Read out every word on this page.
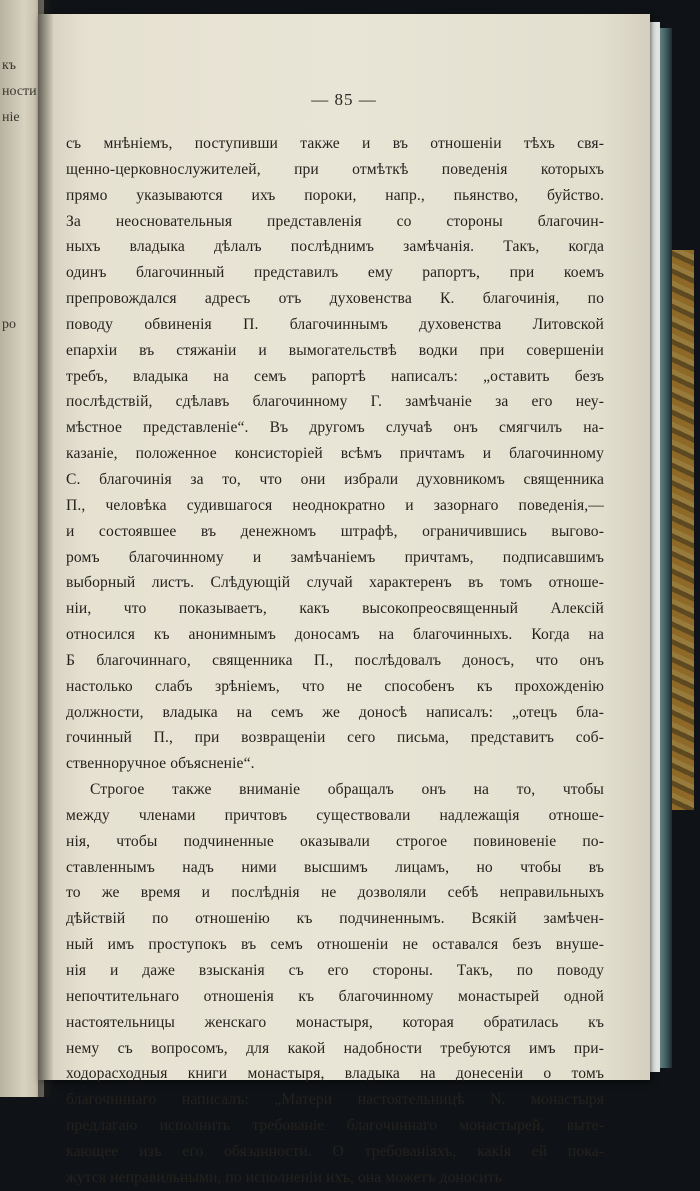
къ
ности
ніе
ро
— 85 —
съ мнѣніемъ, поступивши также и въ отношеніи тѣхъ свя-
щенно-церковнослужителей, при отмѣткѣ поведенія которыхъ
прямо указываются ихъ пороки, напр., пьянство, буйство.
За неосновательныя представленія со стороны благочин-
ныхъ владыка дѣлалъ послѣднимъ замѣчанія. Такъ, когда
одинъ благочинный представилъ ему рапортъ, при коемъ
препровождался адресъ отъ духовенства К. благочинія, по
поводу обвиненія П. благочиннымъ духовенства Литовской
епархіи въ стяжаніи и вымогательствѣ водки при совершеніи
требъ, владыка на семъ рапортѣ написалъ: „оставить безъ
послѣдствій, сдѣлавъ благочинному Г. замѣчаніе за его неу-
мѣстное представленіе“. Въ другомъ случаѣ онъ смягчилъ на-
казаніе, положенное консисторіей всѣмъ причтамъ и благочинному
С. благочинія за то, что они избрали духовникомъ священника
П., человѣка судившагося неоднократно и зазорнаго поведенія,—
и состоявшее въ денежномъ штрафѣ, ограничившись выгово-
ромъ благочинному и замѣчаніемъ причтамъ, подписавшимъ
выборный листъ. Слѣдующій случай характеренъ въ томъ отноше-
ніи, что показываетъ, какъ высокопреосвященный Алексій
относился къ анонимнымъ доносамъ на благочинныхъ. Когда на
Б благочиннаго, священника П., послѣдовалъ доносъ, что онъ
настолько слабъ зрѣніемъ, что не способенъ къ прохожденію
должности, владыка на семъ же доносѣ написалъ: „отецъ бла-
гочинный П., при возвращеніи сего письма, представитъ соб-
ственноручное объясненіе“.
Строгое также вниманіе обращалъ онъ на то, чтобы
между членами причтовъ существовали надлежащія отноше-
нія, чтобы подчиненные оказывали строгое повиновеніе по-
ставленнымъ надъ ними высшимъ лицамъ, но чтобы въ
то же время и послѣднія не дозволяли себѣ неправильныхъ
дѣйствій по отношенію къ подчиненнымъ. Всякій замѣчен-
ный имъ проступокъ въ семъ отношеніи не оставался безъ внуше-
нія и даже взысканія съ его стороны. Такъ, по поводу
непочтительнаго отношенія къ благочинному монастырей одной
настоятельницы женскаго монастыря, которая обратилась къ
нему съ вопросомъ, для какой надобности требуются имъ при-
ходорасходныя книги монастыря, владыка на донесеніи о томъ
благочиннаго написалъ: „Матери настоятельницѣ N. монастыря
предлагаю исполнить требованіе благочиннаго монастырей, выте-
кающее изъ его обязанности. О требованіяхъ, какія ей пока-
жутся неправильными, по исполненіи ихъ, она можетъ доносить
